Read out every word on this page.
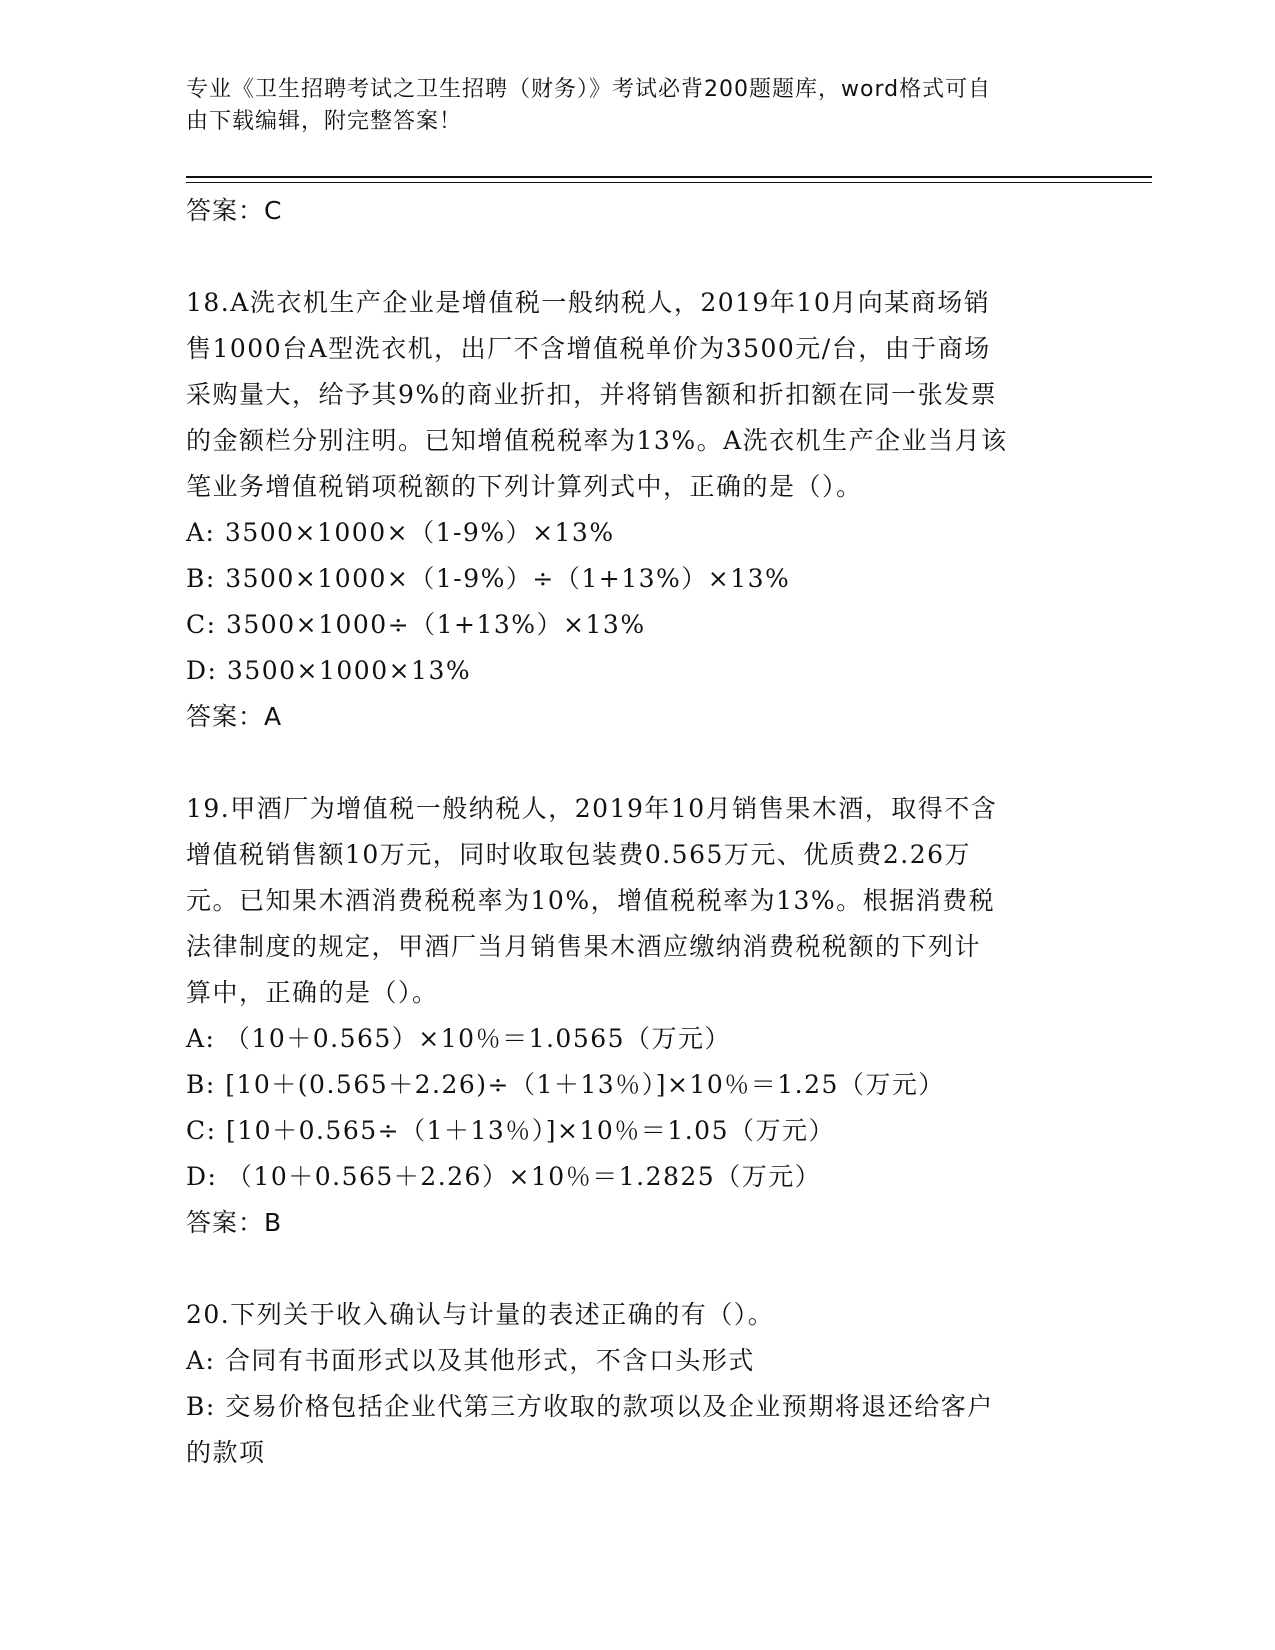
专业《卫生招聘考试之卫生招聘（财务）》考试必背200题题库，word格式可自
由下载编辑，附完整答案！
答案：C
18.A洗衣机生产企业是增值税一般纳税人，2019年10月向某商场销
售1000台A型洗衣机，出厂不含增值税单价为3500元/台，由于商场
采购量大，给予其9%的商业折扣，并将销售额和折扣额在同一张发票
的金额栏分别注明。已知增值税税率为13%。A洗衣机生产企业当月该
笔业务增值税销项税额的下列计算列式中，正确的是（）。
A: 3500×1000×（1-9%）×13%
B: 3500×1000×（1-9%）÷（1+13%）×13%
C: 3500×1000÷（1+13%）×13%
D: 3500×1000×13%
答案：A
19.甲酒厂为增值税一般纳税人，2019年10月销售果木酒，取得不含
增值税销售额10万元，同时收取包装费0.565万元、优质费2.26万
元。已知果木酒消费税税率为10%，增值税税率为13%。根据消费税
法律制度的规定，甲酒厂当月销售果木酒应缴纳消费税税额的下列计
算中，正确的是（）。
A: （10＋0.565）×10％＝1.0565（万元）
B: [10＋(0.565＋2.26)÷（1＋13％）]×10％＝1.25（万元）
C: [10＋0.565÷（1＋13％）]×10％＝1.05（万元）
D: （10＋0.565＋2.26）×10％＝1.2825（万元）
答案：B
20.下列关于收入确认与计量的表述正确的有（）。
A: 合同有书面形式以及其他形式，不含口头形式
B: 交易价格包括企业代第三方收取的款项以及企业预期将退还给客户
的款项
